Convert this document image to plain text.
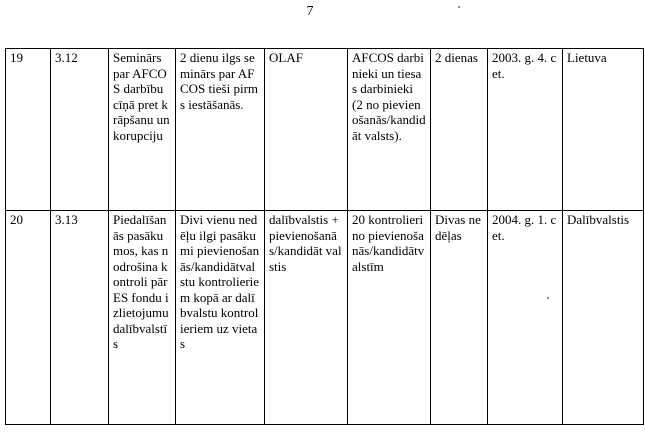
7
19	3.12	Seminārs par AFCOS darbību cīņā pret krāpšanu un korupciju	2 dienu ilgs seminārs par AFCOS tieši pirms iestāšanās.	OLAF	AFCOS darbinieki un tiesas darbinieki (2 no pievienošanās/kandidāt valsts).	2 dienas	2003. g. 4. cet.	Lietuva
20	3.13	Piedalīšanās pasākumos, kas nodrošina kontroli pār ES fondu izlietojumu dalībvalstīs	Divi vienu nedēļu ilgi pasākumi pievienošanās/kandidātvalstu kontrolieriem kopā ar dalībvalstu kontrolieriem uz vietas	dalībvalstis + pievienošanās/kandidāt valstis	20 kontrolieri no pievienošanās/kandidātvalstīm	Divas nedēļas	2004. g. 1. cet.	Dalībvalstis
